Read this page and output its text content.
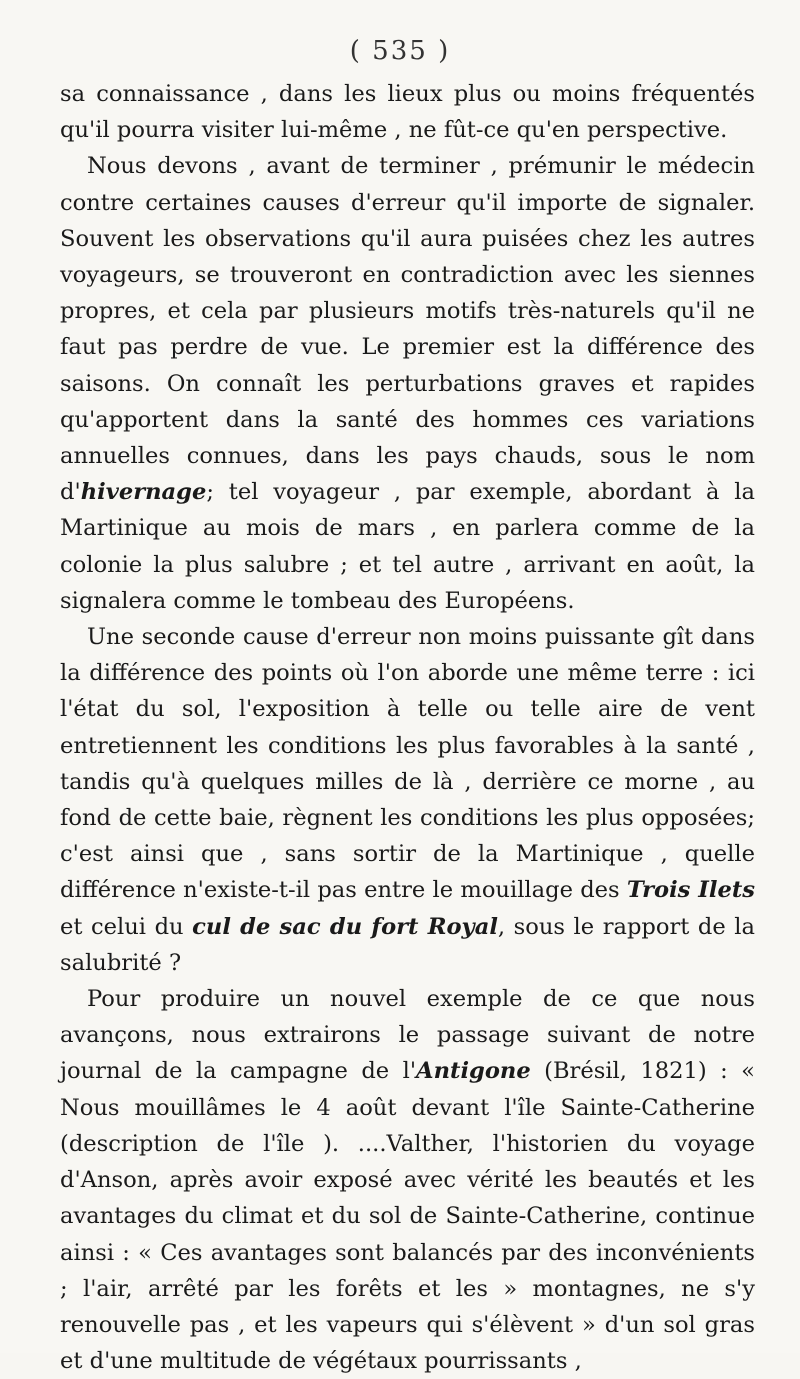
( 535 )

sa connaissance , dans les lieux plus ou moins fréquentés qu'il pourra visiter lui-même , ne fût-ce qu'en perspective.

Nous devons , avant de terminer , prémunir le médecin contre certaines causes d'erreur qu'il importe de signaler. Souvent les observations qu'il aura puisées chez les autres voyageurs, se trouveront en contradiction avec les siennes propres, et cela par plusieurs motifs très-naturels qu'il ne faut pas perdre de vue. Le premier est la différence des saisons. On connaît les perturbations graves et rapides qu'apportent dans la santé des hommes ces variations annuelles connues, dans les pays chauds, sous le nom d'hivernage; tel voyageur , par exemple, abordant à la Martinique au mois de mars , en parlera comme de la colonie la plus salubre ; et tel autre , arrivant en août, la signalera comme le tombeau des Européens.

Une seconde cause d'erreur non moins puissante gît dans la différence des points où l'on aborde une même terre : ici l'état du sol, l'exposition à telle ou telle aire de vent entretiennent les conditions les plus favorables à la santé , tandis qu'à quelques milles de là , derrière ce morne , au fond de cette baie, règnent les conditions les plus opposées; c'est ainsi que , sans sortir de la Martinique , quelle différence n'existe-t-il pas entre le mouillage des Trois Ilets et celui du cul de sac du fort Royal, sous le rapport de la salubrité ?

Pour produire un nouvel exemple de ce que nous avançons, nous extrairons le passage suivant de notre journal de la campagne de l'Antigone (Brésil, 1821) : « Nous mouillâmes le 4 août devant l'île Sainte-Catherine (description de l'île ). ....Valther, l'historien du voyage d'Anson, après avoir exposé avec vérité les beautés et les avantages du climat et du sol de Sainte-Catherine, continue ainsi : « Ces avantages sont balancés par des inconvénients ; l'air, arrêté par les forêts et les » montagnes, ne s'y renouvelle pas , et les vapeurs qui s'élèvent » d'un sol gras et d'une multitude de végétaux pourrissants ,
